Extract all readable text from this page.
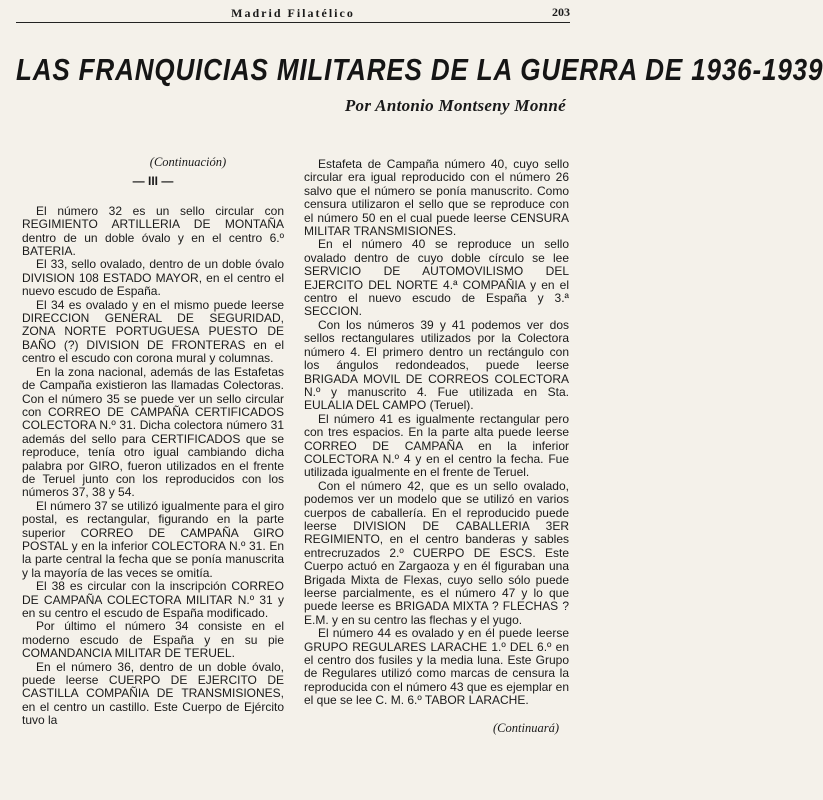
Madrid Filatélico	203
LAS FRANQUICIAS MILITARES DE LA GUERRA DE 1936-1939
Por Antonio Montseny Monné
(Continuación)
— III —

El número 32 es un sello circular con REGIMIENTO ARTILLERIA DE MONTAÑA dentro de un doble óvalo y en el centro 6.º BATERIA.

El 33, sello ovalado, dentro de un doble óvalo DIVISION 108 ESTADO MAYOR, en el centro el nuevo escudo de España.

El 34 es ovalado y en el mismo puede leerse DIRECCION GENERAL DE SEGURIDAD, ZONA NORTE PORTUGUESA PUESTO DE BAÑO (?) DIVISION DE FRONTERAS en el centro el escudo con corona mural y columnas.

En la zona nacional, además de las Estafetas de Campaña existieron las llamadas Colectoras. Con el número 35 se puede ver un sello circular con CORREO DE CAMPAÑA CERTIFICADOS COLECTORA N.º 31. Dicha colectora número 31 además del sello para CERTIFICADOS que se reproduce, tenía otro igual cambiando dicha palabra por GIRO, fueron utilizados en el frente de Teruel junto con los reproducidos con los números 37, 38 y 54.

El número 37 se utilizó igualmente para el giro postal, es rectangular, figurando en la parte superior CORREO DE CAMPAÑA GIRO POSTAL y en la inferior COLECTORA N.º 31. En la parte central la fecha que se ponía manuscrita y la mayoría de las veces se omitía.

El 38 es circular con la inscripción CORREO DE CAMPAÑA COLECTORA MILITAR N.º 31 y en su centro el escudo de España modificado.

Por último el número 34 consiste en el moderno escudo de España y en su pie COMANDANCIA MILITAR DE TERUEL.

En el número 36, dentro de un doble óvalo, puede leerse CUERPO DE EJERCITO DE CASTILLA COMPAÑIA DE TRANSMISIONES, en el centro un castillo. Este Cuerpo de Ejército tuvo la

Estafeta de Campaña número 40, cuyo sello circular era igual reproducido con el número 26 salvo que el número se ponía manuscrito. Como censura utilizaron el sello que se reproduce con el número 50 en el cual puede leerse CENSURA MILITAR TRANSMISIONES.

En el número 40 se reproduce un sello ovalado dentro de cuyo doble círculo se lee SERVICIO DE AUTOMOVILISMO DEL EJERCITO DEL NORTE 4.ª COMPAÑIA y en el centro el nuevo escudo de España y 3.ª SECCION.

Con los números 39 y 41 podemos ver dos sellos rectangulares utilizados por la Colectora número 4. El primero dentro un rectángulo con los ángulos redondeados, puede leerse BRIGADA MOVIL DE CORREOS COLECTORA N.º y manuscrito 4. Fue utilizada en Sta. EULALIA DEL CAMPO (Teruel).

El número 41 es igualmente rectangular pero con tres espacios. En la parte alta puede leerse CORREO DE CAMPAÑA en la inferior COLECTORA N.º 4 y en el centro la fecha. Fue utilizada igualmente en el frente de Teruel.

Con el número 42, que es un sello ovalado, podemos ver un modelo que se utilizó en varios cuerpos de caballería. En el reproducido puede leerse DIVISION DE CABALLERIA 3ER REGIMIENTO, en el centro banderas y sables entrecruzados 2.º CUERPO DE ESCS. Este Cuerpo actuó en Zargaoza y en él figuraban una Brigada Mixta de Flexas, cuyo sello sólo puede leerse parcialmente, es el número 47 y lo que puede leerse es BRIGADA MIXTA ? FLECHAS ? E.M. y en su centro las flechas y el yugo.

El número 44 es ovalado y en él puede leerse GRUPO REGULARES LARACHE 1.º DEL 6.º en el centro dos fusiles y la media luna. Este Grupo de Regulares utilizó como marcas de censura la reproducida con el número 43 que es ejemplar en el que se lee C. M. 6.º TABOR LARACHE.

(Continuará)
